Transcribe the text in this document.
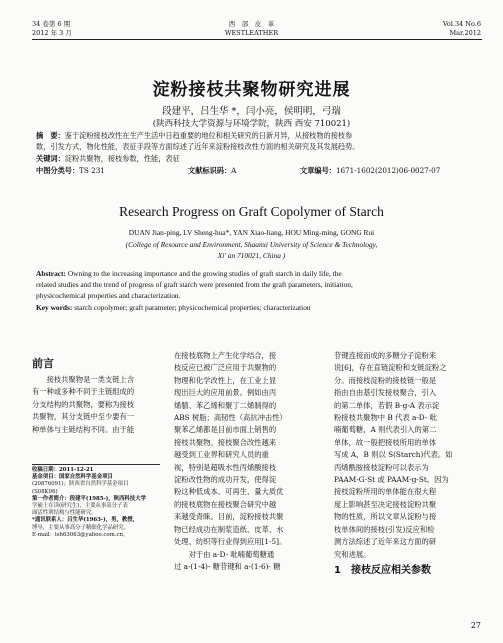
34 卷第 6 期
2012 年 3 月
西　部　皮　革
WESTLEATHER
Vol.34 No.6
Mar.2012
淀粉接枝共聚物研究进展
段建平，吕生华 *，闫小亮，侯明明，弓瑞
(陕西科技大学资源与环境学院，陕西 西安 710021)
摘　要：鉴于淀粉接枝改性在生产生活中日趋重要的地位和相关研究的日新月异，从接枝物的接枝参
数，引发方式，物化性能，表征手段等方面综述了近年来淀粉接枝改性方面的相关研究及其发展趋势。
关键词：淀粉共聚物，接枝参数，性能，表征
中图分类号：TS 231	文献标识码：A	文章编号：1671-1602(2012)06-0027-07
Research Progress on Graft Copolymer of Starch
DUAN Jian-ping, LV Sheng-hua*, YAN Xiao-liang, HOU Ming-ming, GONG Rui
(College of Resource and Environment, Shaanxi University of Science & Technology,
Xi' an 710021, China )
Abstract: Owning to the increasing importance and the growing studies of graft starch in daily life, the
related studies and the trend of progress of graft starch were presented from the graft parameters, initiation,
physicochemical properties and characterization.
Key words: starch copolymer; graft parameter; physicochemical properties; characterization
前言
　　接枝共聚物是一类支链上含
有一种或多种不同于主链组成的
分支结构的共聚物，要称为接枝
共聚物，其分支链中至少要有一
种单体与主链结构不同。由于能
收稿日期：2011-12-21
基金项目：国家自然科学基金项目
(20876091)；陕西省自然科学基金项目
(S08K06)
第一作者简介：段建平(1985-)，陕西科技大学
学硕士在读(研究生)，主要从事高分子表
面活性剂结构与性能研究。
*通讯联系人：吕生华(1963-)，男，教授，
博导，主要从事高分子精细化学品研究。
E-mail：lsh63063@yahoo.com.cn。
在接枝底物上产生化学结合，接
枝反应已被广泛应用于共聚物的
物理和化学改性上，在工业上显
现出巨大的应用前景。例如由丙
烯腈、苯乙烯和聚丁二烯制得的
ABS 树脂；高韧性（高抗冲击性）
聚苯乙烯都是目前市面上销售的
接枝共聚物。接枝聚合改性越来
越受到工业界和研究人员的重
视，特别是超吸水性丙烯酸接枝
淀粉改性物的成功开发，使得淀
粉这种低成本、可再生、量大质优
的接枝底物在接枝聚合研究中越
来越受青睐。目前，淀粉接枝共聚
物已经成功在制浆造纸、皮革、水
处理、纺织等行业得到应用[1-5]。
　　对于由 a-D- 吡喃葡萄糖通
过 a-(1-4)- 糖苷键和 a-(1-6)- 糖
苷键连接而成的多糖分子淀粉来
说[6]，存在直链淀粉和支链淀粉之
分。而接枝淀粉的接枝链一般是
指由自由基引发接枝聚合，引入
的第二单体，若假 B-g-A 表示淀
粉接枝共聚物中 B 代表 a-D- 吡
喃葡萄糖，A 则代表引入的第二
单体，故一般把接枝所用的单体
写成 A，B 则以 S(Starch)代表。如
丙烯酰胺接枝淀粉可以表示为
PAAM-G-St 或 PAAM-g-St。因为
接枝淀粉所用的单体能在很大程
度上影响甚至决定接枝淀粉共聚
物的性质，所以文章从淀粉与接
枝单体间的接枝(引发)反应和检
测方法综述了近年来这方面的研
究和进展。
1　接枝反应相关参数
27
